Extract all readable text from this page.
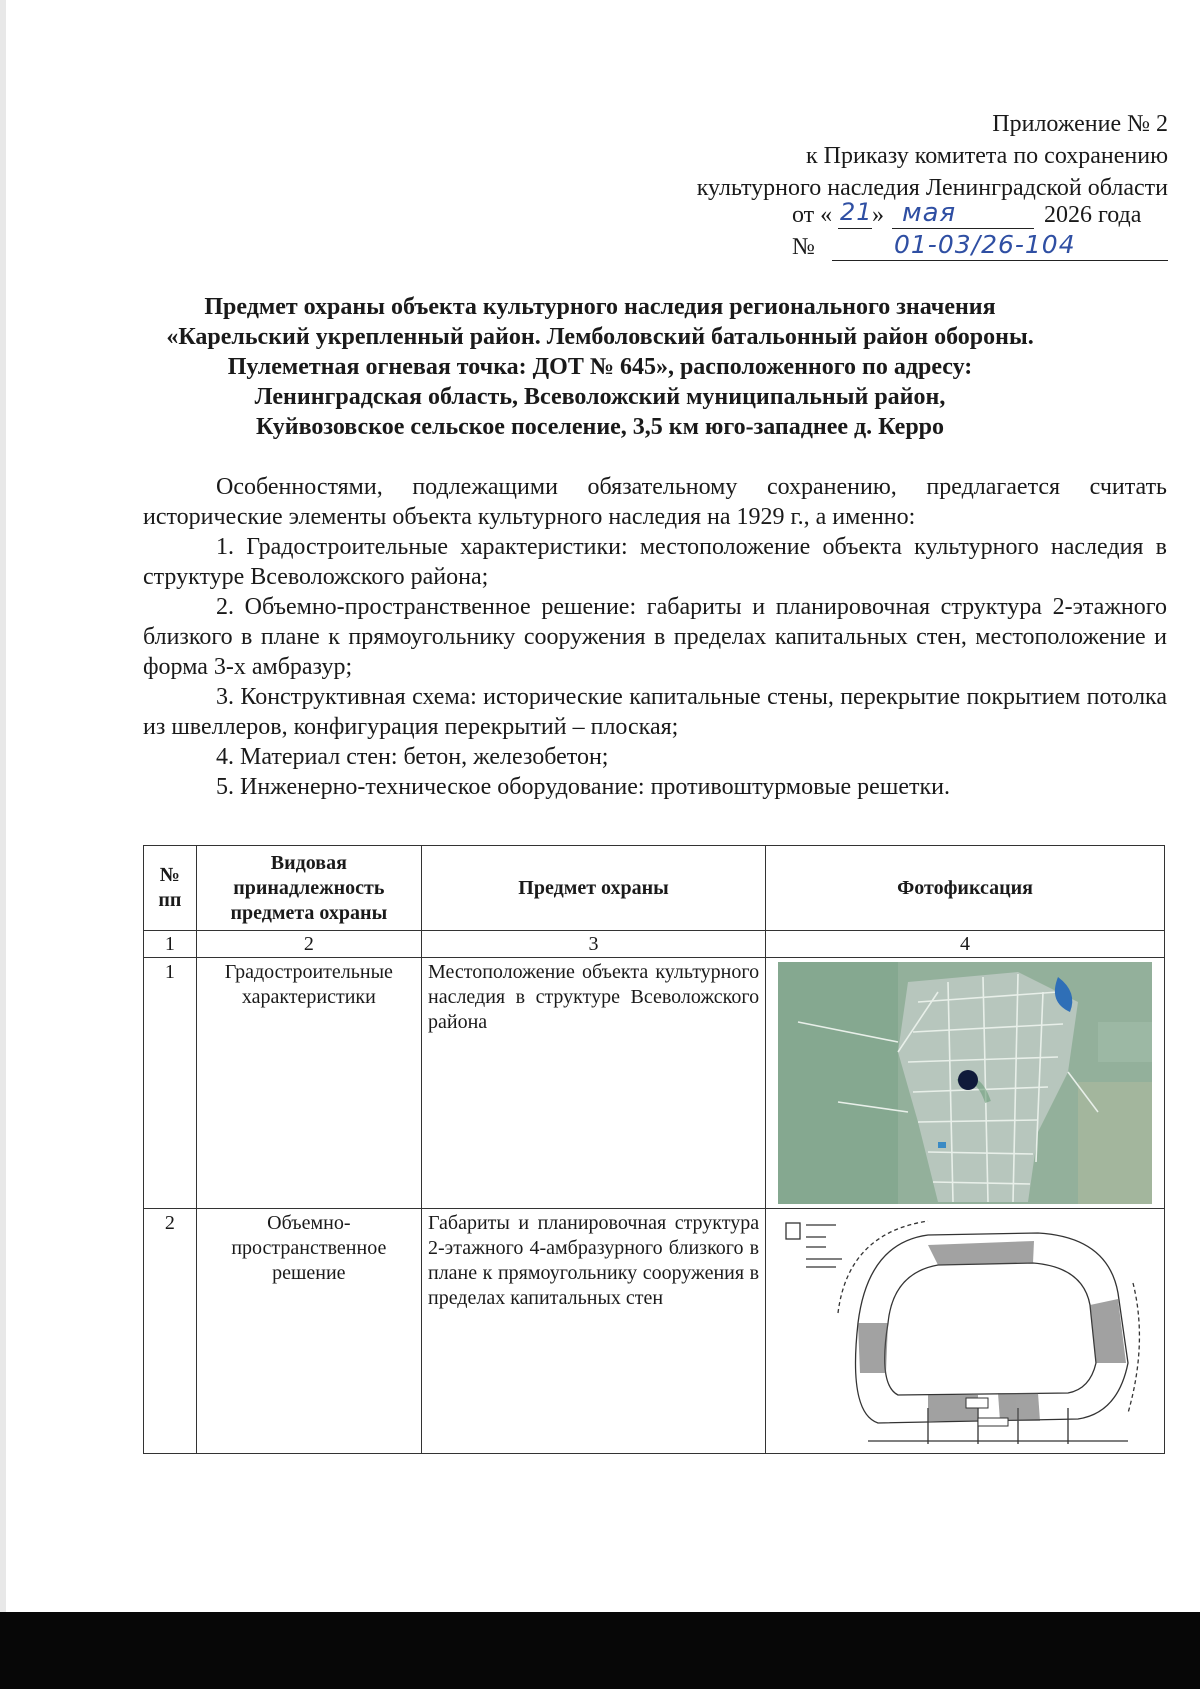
Приложение № 2
к Приказу комитета по сохранению
культурного наследия Ленинградской области
от « 21 » мая	2026 года
№	01-03/26-104
Предмет охраны объекта культурного наследия регионального значения
«Карельский укрепленный район. Лемболовский батальонный район обороны.
Пулеметная огневая точка: ДОТ № 645», расположенного по адресу:
Ленинградская область, Всеволожский муниципальный район,
Куйвозовское сельское поселение, 3,5 км юго-западнее д. Керро

Особенностями, подлежащими обязательному сохранению, предлагается считать исторические элементы объекта культурного наследия на 1929 г., а именно:

1. Градостроительные характеристики: местоположение объекта культурного наследия в структуре Всеволожского района;

2. Объемно-пространственное решение: габариты и планировочная структура 2-этажного близкого в плане к прямоугольнику сооружения в пределах капитальных стен, местоположение и форма 3-х амбразур;

3. Конструктивная схема: исторические капитальные стены, перекрытие покрытием потолка из швеллеров, конфигурация перекрытий – плоская;

4. Материал стен: бетон, железобетон;

5. Инженерно-техническое оборудование: противоштурмовые решетки.

№ пп	Видовая принадлежность предмета охраны	Предмет охраны	Фотофиксация
1	2	3	4
1	Градостроительные характеристики	Местоположение объекта культурного наследия в структуре Всеволожского района	

2	Объемно-пространственное решение	Габариты и планировочная структура 2-этажного 4-амбразурного близкого в плане к прямоугольнику сооружения в пределах капитальных стен	
